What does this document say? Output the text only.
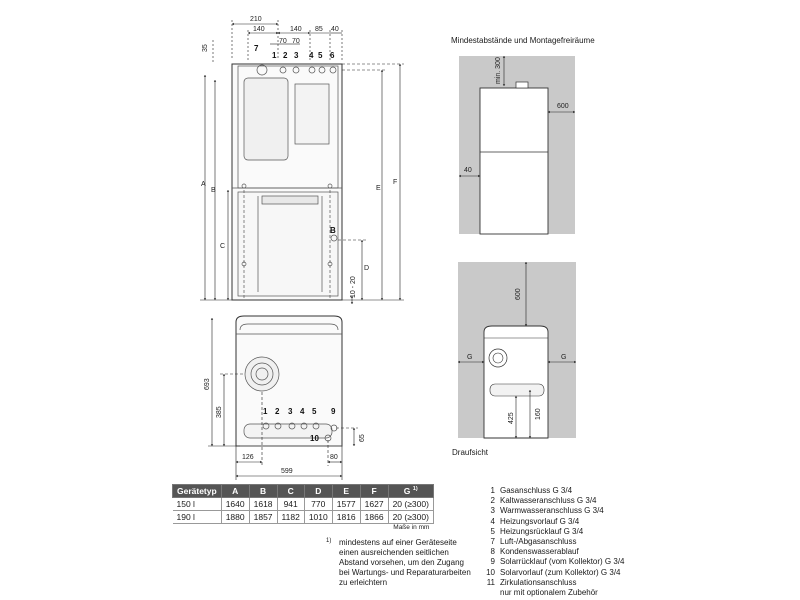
210
140	140 85 40
70 70
35	7
1 2 3 4 5 6
B
A
B
C
D
E
F
10 - 20
1 2 3 4 5 9
10
693
385
126
599
80
65
min. 300
600
40
600
G	G
425	160
Mindestabstände und Montagefreiräume
Draufsicht
Gerätetyp	A	B	C	D	E	F	G $^{1)}$
150 l	1640	1618	941	770	1577	1627	20 (≥300)
190 l	1880	1857	1182	1010	1816	1866	20 (≥300)
Maße in mm							
1) mindestens auf einer Geräteseite einen ausreichenden seitlichen Abstand vorsehen, um den Zugang bei Wartungs- und Reparaturarbeiten zu erleichtern
1 Gasanschluss G 3/4
2 Kaltwasseranschluss G 3/4
3 Warmwasseranschluss G 3/4
4 Heizungsvorlauf G 3/4
5 Heizungsrücklauf G 3/4
7 Luft-/Abgasanschluss
8 Kondenswasserablauf
9 Solarrücklauf (vom Kollektor) G 3/4
10 Solarvorlauf (zum Kollektor) G 3/4
11 Zirkulationsanschluss
nur mit optionalem Zubehör
